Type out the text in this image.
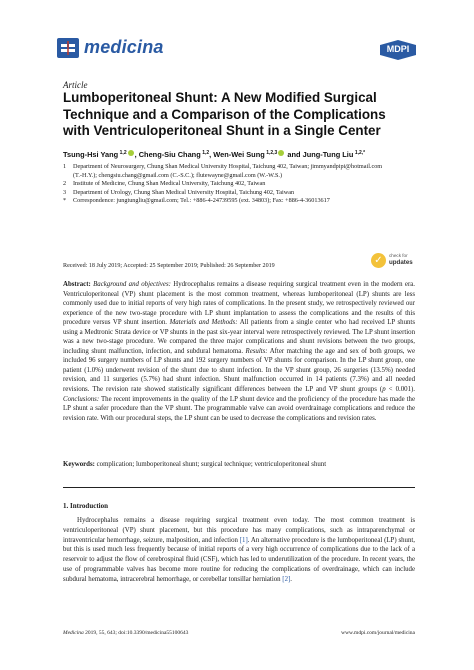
medicina	MDPI
Article
Lumboperitoneal Shunt: A New Modified Surgical Technique and a Comparison of the Complications with Ventriculoperitoneal Shunt in a Single Center
Tsung-Hsi Yang $^{1,2}$ , Cheng-Siu Chang $^{1,2}$, Wen-Wei Sung $^{1,2,3}$ and Jung-Tung Liu $^{1,2,*}$
1	Department of Neurosurgery, Chung Shan Medical University Hospital, Taichung 402, Taiwan; jimmyandpipi@hotmail.com (T.-H.Y.); chengsiu.chang@gmail.com (C.-S.C.); flutewayne@gmail.com (W.-W.S.)
2	Institute of Medicine, Chung Shan Medical University, Taichung 402, Taiwan
3	Department of Urology, Chung Shan Medical University Hospital, Taichung 402, Taiwan
*	Correspondence: jungtungliu@gmail.com; Tel.: +886-4-24739595 (ext. 34803); Fax: +886-4-36013617
Received: 18 July 2019; Accepted: 25 September 2019; Published: 26 September 2019	✓	check for
updates
Abstract: Background and objectives: Hydrocephalus remains a disease requiring surgical treatment even in the modern era. Ventriculoperitoneal (VP) shunt placement is the most common treatment, whereas lumboperitoneal (LP) shunts are less commonly used due to initial reports of very high rates of complications. In the present study, we retrospectively reviewed our experience of the new two-stage procedure with LP shunt implantation to assess the complications and the results of this procedure versus VP shunt insertion. Materials and Methods: All patients from a single center who had received LP shunts using a Medtronic Strata device or VP shunts in the past six-year interval were retrospectively reviewed. The LP shunt insertion was a new two-stage procedure. We compared the three major complications and shunt revisions between the two groups, including shunt malfunction, infection, and subdural hematoma. Results: After matching the age and sex of both groups, we included 96 surgery numbers of LP shunts and 192 surgery numbers of VP shunts for comparison. In the LP shunt group, one patient (1.0%) underwent revision of the shunt due to shunt infection. In the VP shunt group, 26 surgeries (13.5%) needed revision, and 11 surgeries (5.7%) had shunt infection. Shunt malfunction occurred in 14 patients (7.3%) and all needed revisions. The revision rate showed statistically significant differences between the LP and VP shunt groups (p < 0.001). Conclusions: The recent improvements in the quality of the LP shunt device and the proficiency of the procedure has made the LP shunt a safer procedure than the VP shunt. The programmable valve can avoid overdrainage complications and reduce the revision rate. With our procedural steps, the LP shunt can be used to decrease the complications and revision rates.
Keywords: complication; lumboperitoneal shunt; surgical technique; ventriculoperitoneal shunt
1. Introduction
Hydrocephalus remains a disease requiring surgical treatment even today. The most common treatment is ventriculoperitoneal (VP) shunt placement, but this procedure has many complications, such as intraparenchymal or intraventricular hemorrhage, seizure, malposition, and infection [1]. An alternative procedure is the lumboperitoneal (LP) shunt, but this is used much less frequently because of initial reports of a very high occurrence of complications due to the lack of a reservoir to adjust the flow of cerebrospinal fluid (CSF), which has led to underutilization of the procedure. In recent years, the use of programmable valves has become more routine for reducing the complications of overdrainage, which can include subdural hematoma, intracerebral hemorrhage, or cerebellar tonsillar herniation [2].
Medicina 2019, 55, 643; doi:10.3390/medicina55100643	www.mdpi.com/journal/medicina
